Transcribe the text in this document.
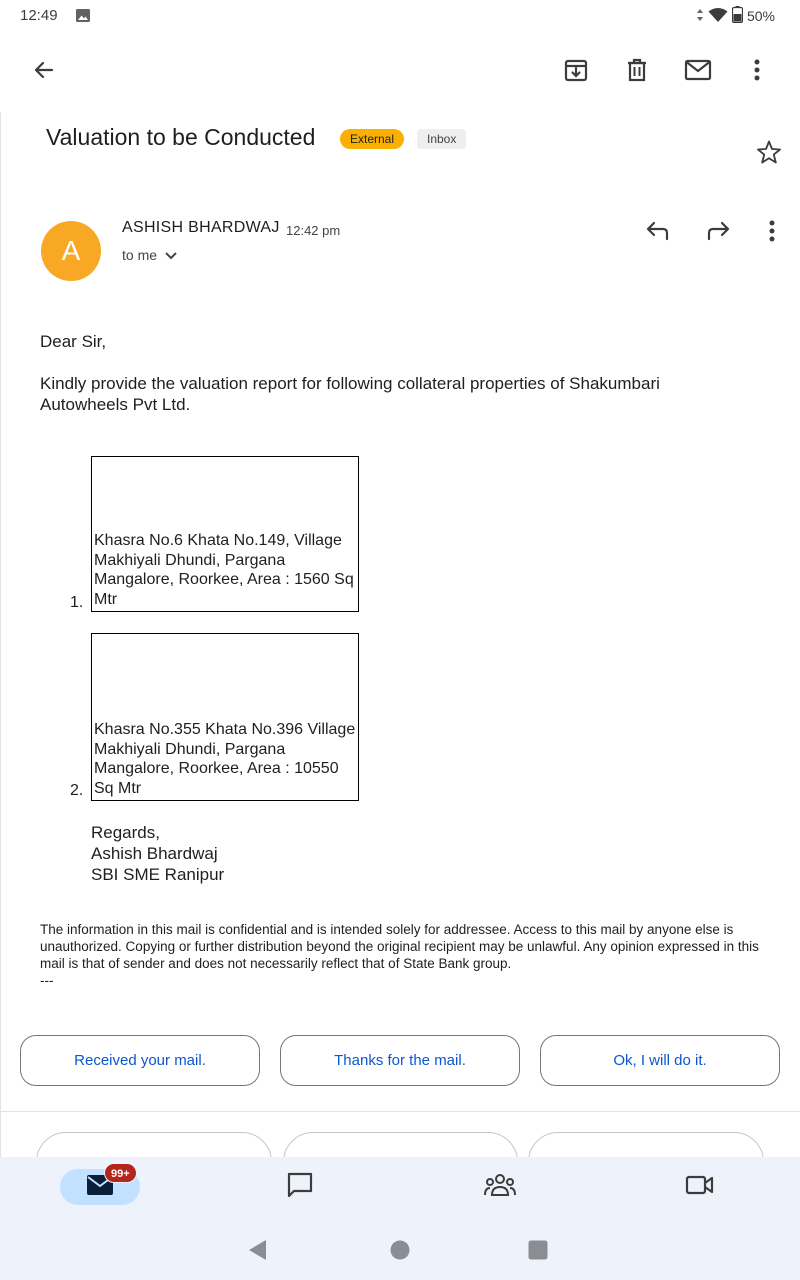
12:49	50%
Valuation to be Conducted	External	Inbox
A
ASHISH BHARDWAJ 12:42 pm
to me
Dear Sir,
Kindly provide the valuation report for following collateral properties of Shakumbari
Autowheels Pvt Ltd.
1.
Khasra No.6 Khata No.149, Village Makhiyali Dhundi, Pargana Mangalore, Roorkee, Area : 1560 Sq Mtr
2.
Khasra No.355 Khata No.396 Village Makhiyali Dhundi, Pargana Mangalore, Roorkee, Area : 10550 Sq Mtr
Regards,
Ashish Bhardwaj
SBI SME Ranipur
The information in this mail is confidential and is intended solely for addressee. Access to this mail by anyone else is unauthorized. Copying or further distribution beyond the original recipient may be unlawful. Any opinion expressed in this mail is that of sender and does not necessarily reflect that of State Bank group.
---
Received your mail.	Thanks for the mail.	Ok, I will do it.
99+
